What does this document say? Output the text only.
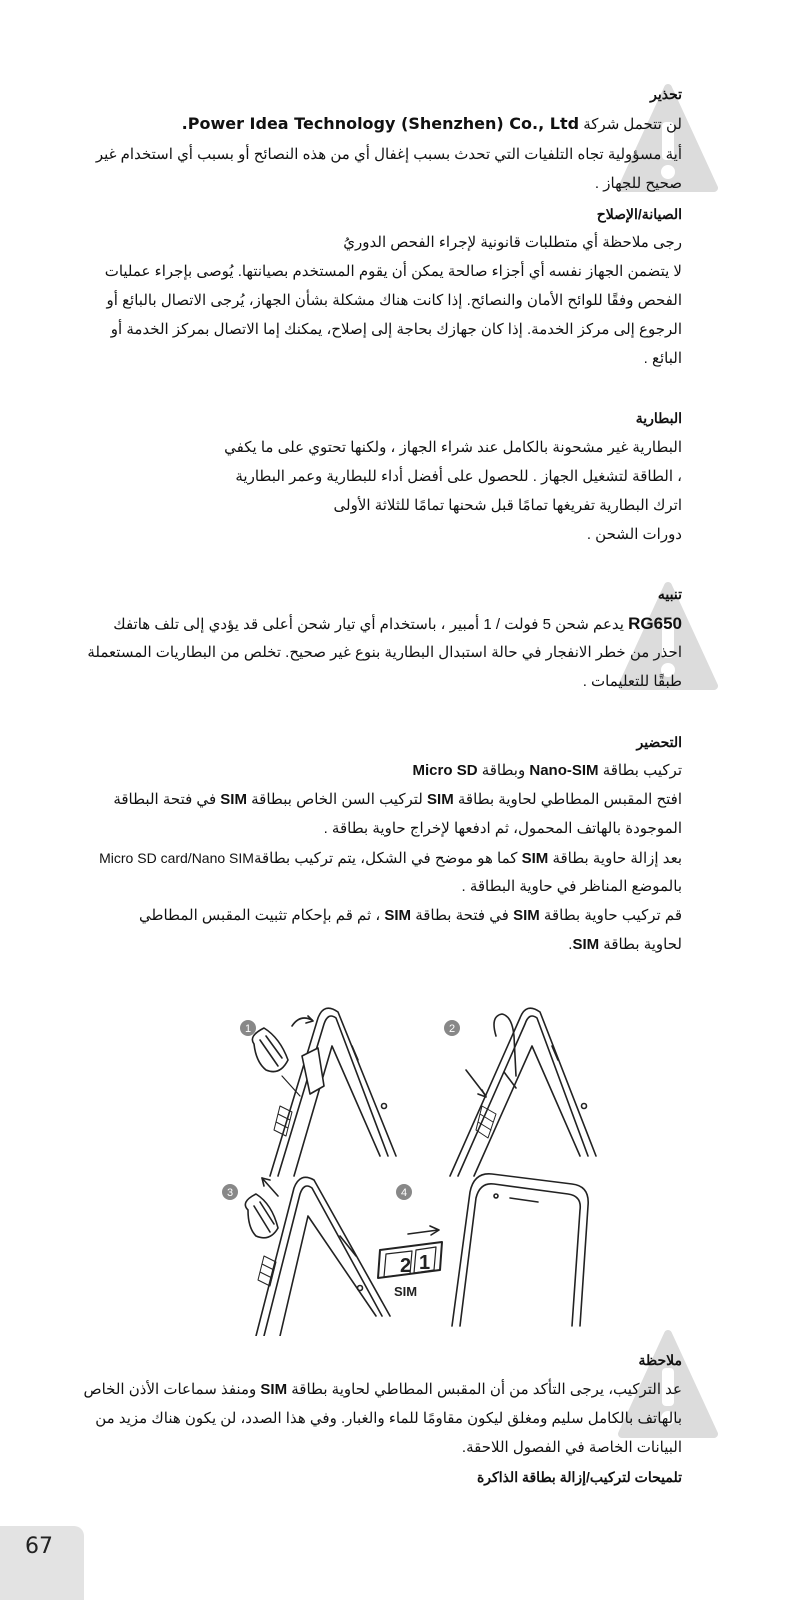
تحذير
لن تتحمل شركة Power Idea Technology (Shenzhen) Co., Ltd.
أية مسؤولية تجاه التلفيات التي تحدث بسبب إغفال أي من هذه النصائح أو بسبب أي استخدام غير
صحيح للجهاز .
الصيانة/الإصلاح
رجى ملاحظة أي متطلبات قانونية لإجراء الفحص الدوريُ
لا يتضمن الجهاز نفسه أي أجزاء صالحة يمكن أن يقوم المستخدم بصيانتها. يُوصى بإجراء عمليات
الفحص وفقًا للوائح الأمان والنصائح. إذا كانت هناك مشكلة بشأن الجهاز، يُرجى الاتصال بالبائع أو
الرجوع إلى مركز الخدمة. إذا كان جهازك بحاجة إلى إصلاح، يمكنك إما الاتصال بمركز الخدمة أو
البائع .
البطارية
البطارية غير مشحونة بالكامل عند شراء الجهاز ، ولكنها تحتوي على ما يكفي
، الطاقة لتشغيل الجهاز . للحصول على أفضل أداء للبطارية وعمر البطارية
اترك البطارية تفريغها تمامًا قبل شحنها تمامًا للثلاثة الأولى
دورات الشحن .
تنبيه
RG650 يدعم شحن 5 فولت / 1 أمبير ، باستخدام أي تيار شحن أعلى قد يؤدي إلى تلف هاتفك
احذر من خطر الانفجار في حالة استبدال البطارية بنوع غير صحيح. تخلص من البطاريات المستعملة
طبقًا للتعليمات .
التحضير
تركيب بطاقة Nano-SIM وبطاقة Micro SD
افتح المقبس المطاطي لحاوية بطاقة SIM لتركيب السن الخاص ببطاقة SIM في فتحة البطاقة
الموجودة بالهاتف المحمول، ثم ادفعها لإخراج حاوية بطاقة .
بعد إزالة حاوية بطاقة SIM كما هو موضح في الشكل، يتم تركيب بطاقةMicro SD card/Nano SIM
بالموضع المناظر في حاوية البطاقة .
قم تركيب حاوية بطاقة SIM في فتحة بطاقة SIM ، ثم قم بإحكام تثبيت المقبس المطاطي
لحاوية بطاقة SIM.
1	2
3	4
2 1
SIM
ملاحظة
عد التركيب، يرجى التأكد من أن المقبس المطاطي لحاوية بطاقة SIM ومنفذ سماعات الأذن الخاص
بالهاتف بالكامل سليم ومغلق ليكون مقاومًا للماء والغبار. وفي هذا الصدد، لن يكون هناك مزيد من
البيانات الخاصة في الفصول اللاحقة.
تلميحات لتركيب/إزالة بطاقة الذاكرة
67
